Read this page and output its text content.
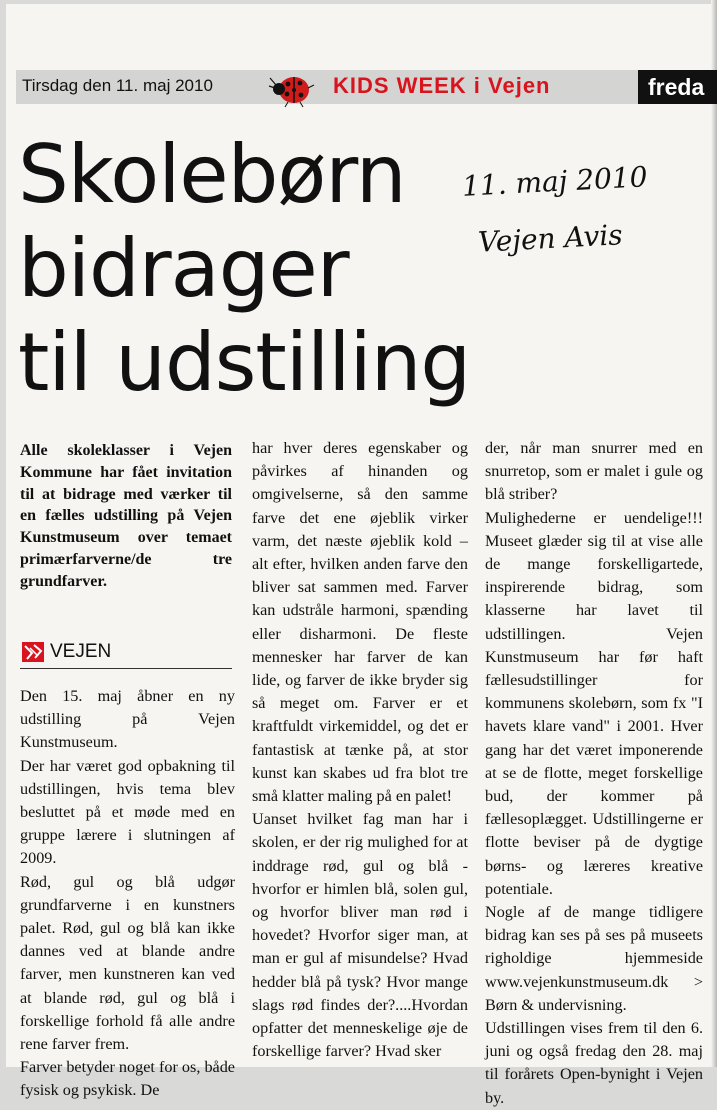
Tirsdag den 11. maj 2010	KIDS WEEK i Vejen	freda
Skolebørn
bidrager
til udstilling
11. maj 2010
Vejen Avis
Alle skoleklasser i Vejen Kommune har fået invitation til at bidrage med værker til en fælles udstilling på Vejen Kunstmuseum over temaet primærfarverne/de tre grundfarver.
VEJEN

Den 15. maj åbner en ny udstilling på Vejen Kunstmuseum.

Der har været god opbakning til udstillingen, hvis tema blev besluttet på et møde med en gruppe lærere i slutningen af 2009.

Rød, gul og blå udgør grundfarverne i en kunstners palet. Rød, gul og blå kan ikke dannes ved at blande andre farver, men kunstneren kan ved at blande rød, gul og blå i forskellige forhold få alle andre rene farver frem.

Farver betyder noget for os, både fysisk og psykisk. De

har hver deres egenskaber og påvirkes af hinanden og omgivelserne, så den samme farve det ene øjeblik virker varm, det næste øjeblik kold – alt efter, hvilken anden farve den bliver sat sammen med. Farver kan udstråle harmoni, spænding eller disharmoni. De fleste mennesker har farver de kan lide, og farver de ikke bryder sig så meget om. Farver er et kraftfuldt virkemiddel, og det er fantastisk at tænke på, at stor kunst kan skabes ud fra blot tre små klatter maling på en palet!

Uanset hvilket fag man har i skolen, er der rig mulighed for at inddrage rød, gul og blå - hvorfor er himlen blå, solen gul, og hvorfor bliver man rød i hovedet? Hvorfor siger man, at man er gul af misundelse? Hvad hedder blå på tysk? Hvor mange slags rød findes der?....Hvordan opfatter det menneskelige øje de forskellige farver? Hvad sker

der, når man snurrer med en snurretop, som er malet i gule og blå striber?

Mulighederne er uendelige!!! Museet glæder sig til at vise alle de mange forskelligartede, inspirerende bidrag, som klasserne har lavet til udstillingen. Vejen Kunstmuseum har før haft fællesudstillinger for kommunens skolebørn, som fx "I havets klare vand" i 2001. Hver gang har det været imponerende at se de flotte, meget forskellige bud, der kommer på fællesoplægget. Udstillingerne er flotte beviser på de dygtige børns- og læreres kreative potentiale.

Nogle af de mange tidligere bidrag kan ses på ses på museets righoldige hjemmeside www.vejenkunstmuseum.dk > Børn & undervisning.

Udstillingen vises frem til den 6. juni og også fredag den 28. maj til forårets Open-bynight i Vejen by.
